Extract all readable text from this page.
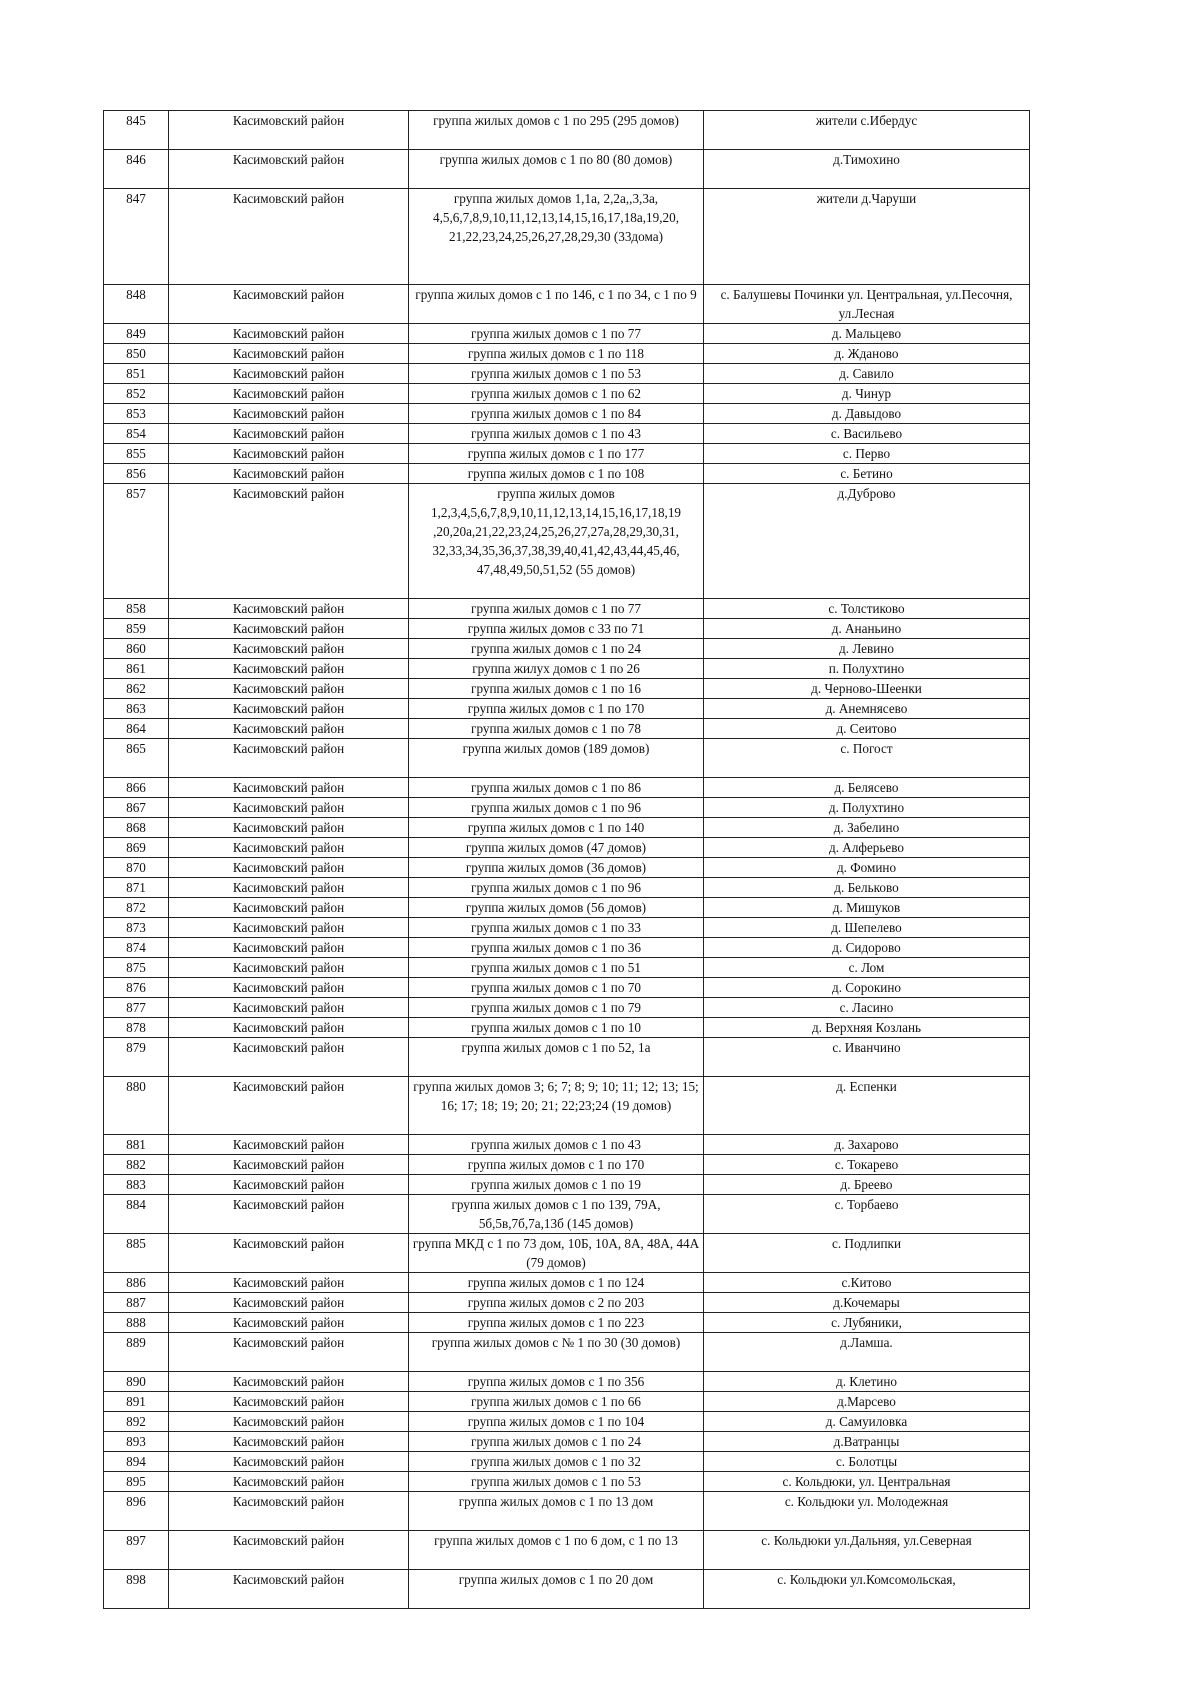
845	Касимовский район	группа жилых домов с 1 по 295 (295 домов)	жители с.Ибердус
846	Касимовский район	группа жилых домов с 1 по 80 (80 домов)	д.Тимохино
847	Касимовский район	группа жилых домов 1,1а, 2,2а,,3,3а, 4,5,6,7,8,9,10,11,12,13,14,15,16,17,18а,19,20, 21,22,23,24,25,26,27,28,29,30 (33дома)	жители д.Чаруши
848	Касимовский район	группа жилых домов с 1 по 146, с 1 по 34, с 1 по 9	с. Балушевы Починки ул. Центральная, ул.Песочня, ул.Лесная
849	Касимовский район	группа жилых домов с 1 по 77	д. Мальцево
850	Касимовский район	группа жилых домов с 1 по 118	д. Жданово
851	Касимовский район	группа жилых домов с 1 по 53	д. Савило
852	Касимовский район	группа жилых домов с 1 по 62	д. Чинур
853	Касимовский район	группа жилых домов с 1 по 84	д. Давыдово
854	Касимовский район	группа жилых домов с 1 по 43	с. Васильево
855	Касимовский район	группа жилых домов с 1 по 177	с. Перво
856	Касимовский район	группа жилых домов с 1 по 108	с. Бетино
857	Касимовский район	группа жилых домов 1,2,3,4,5,6,7,8,9,10,11,12,13,14,15,16,17,18,19 ,20,20а,21,22,23,24,25,26,27,27а,28,29,30,31, 32,33,34,35,36,37,38,39,40,41,42,43,44,45,46, 47,48,49,50,51,52 (55 домов)	д.Дуброво
858	Касимовский район	группа жилых домов с 1 по 77	с. Толстиково
859	Касимовский район	группа жилых домов с 33 по 71	д. Ананьино
860	Касимовский район	группа жилых домов с 1 по 24	д. Левино
861	Касимовский район	группа жилух домов с 1 по 26	п. Полухтино
862	Касимовский район	группа жилых домов с 1 по 16	д. Черново-Шеенки
863	Касимовский район	группа жилых домов с 1 по 170	д. Анемнясево
864	Касимовский район	группа жилых домов с 1 по 78	д. Сеитово
865	Касимовский район	группа жилых домов (189 домов)	с. Погост
866	Касимовский район	группа жилых домов с 1 по 86	д. Белясево
867	Касимовский район	группа жилых домов с 1 по 96	д. Полухтино
868	Касимовский район	группа жилых домов с 1 по 140	д. Забелино
869	Касимовский район	группа жилых домов (47 домов)	д. Алферьево
870	Касимовский район	группа жилых домов (36 домов)	д. Фомино
871	Касимовский район	группа жилых домов с 1 по 96	д. Бельково
872	Касимовский район	группа жилых домов (56 домов)	д. Мишуков
873	Касимовский район	группа жилых домов с 1 по 33	д. Шепелево
874	Касимовский район	группа жилых домов с 1 по 36	д. Сидорово
875	Касимовский район	группа жилых домов с 1 по 51	с. Лом
876	Касимовский район	группа жилых домов с 1 по 70	д. Сорокино
877	Касимовский район	группа жилых домов с 1 по 79	с. Ласино
878	Касимовский район	группа жилых домов с 1 по 10	д. Верхняя Козлань
879	Касимовский район	группа жилых домов с 1 по 52, 1а	с. Иванчино
880	Касимовский район	группа жилых домов 3; 6; 7; 8; 9; 10; 11; 12; 13; 15; 16; 17; 18; 19; 20; 21; 22;23;24 (19 домов)	д. Еспенки
881	Касимовский район	группа жилых домов с 1 по 43	д. Захарово
882	Касимовский район	группа жилых домов с 1 по 170	с. Токарево
883	Касимовский район	группа жилых домов с 1 по 19	д. Бреево
884	Касимовский район	группа жилых домов с 1 по 139, 79А, 5б,5в,7б,7а,13б (145 домов)	с. Торбаево
885	Касимовский район	группа МКД с 1 по 73 дом, 10Б, 10А, 8А, 48А, 44А (79 домов)	с. Подлипки
886	Касимовский район	группа жилых домов с 1 по 124	с.Китово
887	Касимовский район	группа жилых домов с 2 по 203	д.Кочемары
888	Касимовский район	группа жилых домов с 1 по 223	с. Лубяники,
889	Касимовский район	группа жилых домов с № 1 по 30 (30 домов)	д.Ламша.
890	Касимовский район	группа жилых домов с 1 по 356	д. Клетино
891	Касимовский район	группа жилых домов с 1 по 66	д.Марсево
892	Касимовский район	группа жилых домов с 1 по 104	д. Самуиловка
893	Касимовский район	группа жилых домов с 1 по 24	д.Ватранцы
894	Касимовский район	группа жилых домов с 1 по 32	с. Болотцы
895	Касимовский район	группа жилых домов с 1 по 53	с. Кольдюки, ул. Центральная
896	Касимовский район	группа жилых домов с 1 по 13 дом	с. Кольдюки ул. Молодежная
897	Касимовский район	группа жилых домов с 1 по 6 дом, с 1 по 13	с. Кольдюки ул.Дальняя, ул.Северная
898	Касимовский район	группа жилых домов с 1 по 20 дом	с. Кольдюки ул.Комсомольская,
